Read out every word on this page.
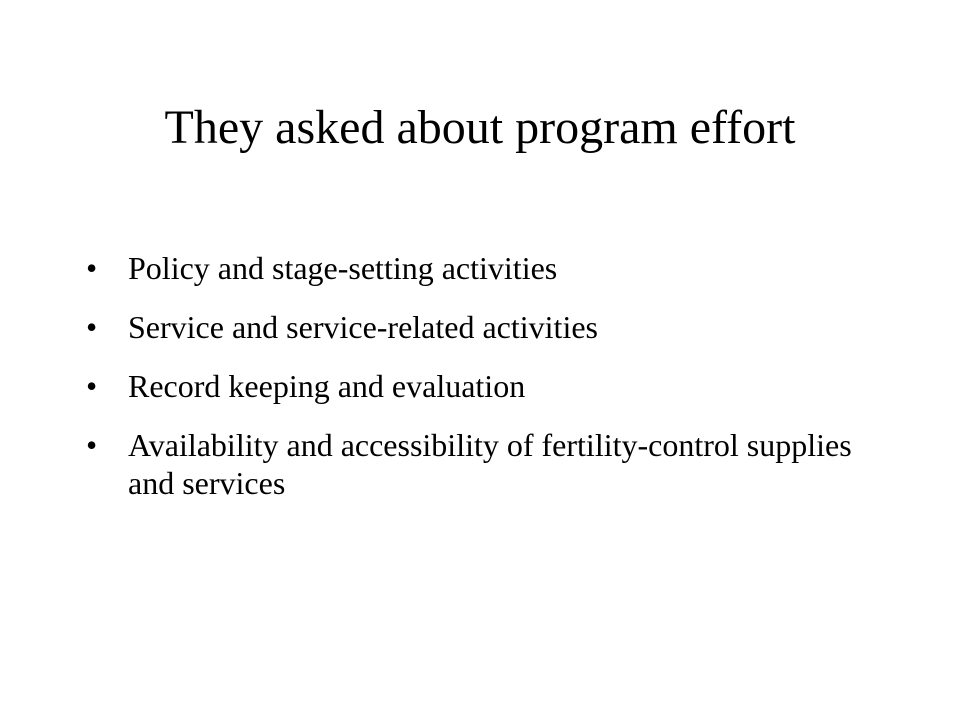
They asked about program effort
• Policy and stage-setting activities
• Service and service-related activities
• Record keeping and evaluation
• Availability and accessibility of fertility-control supplies and services
